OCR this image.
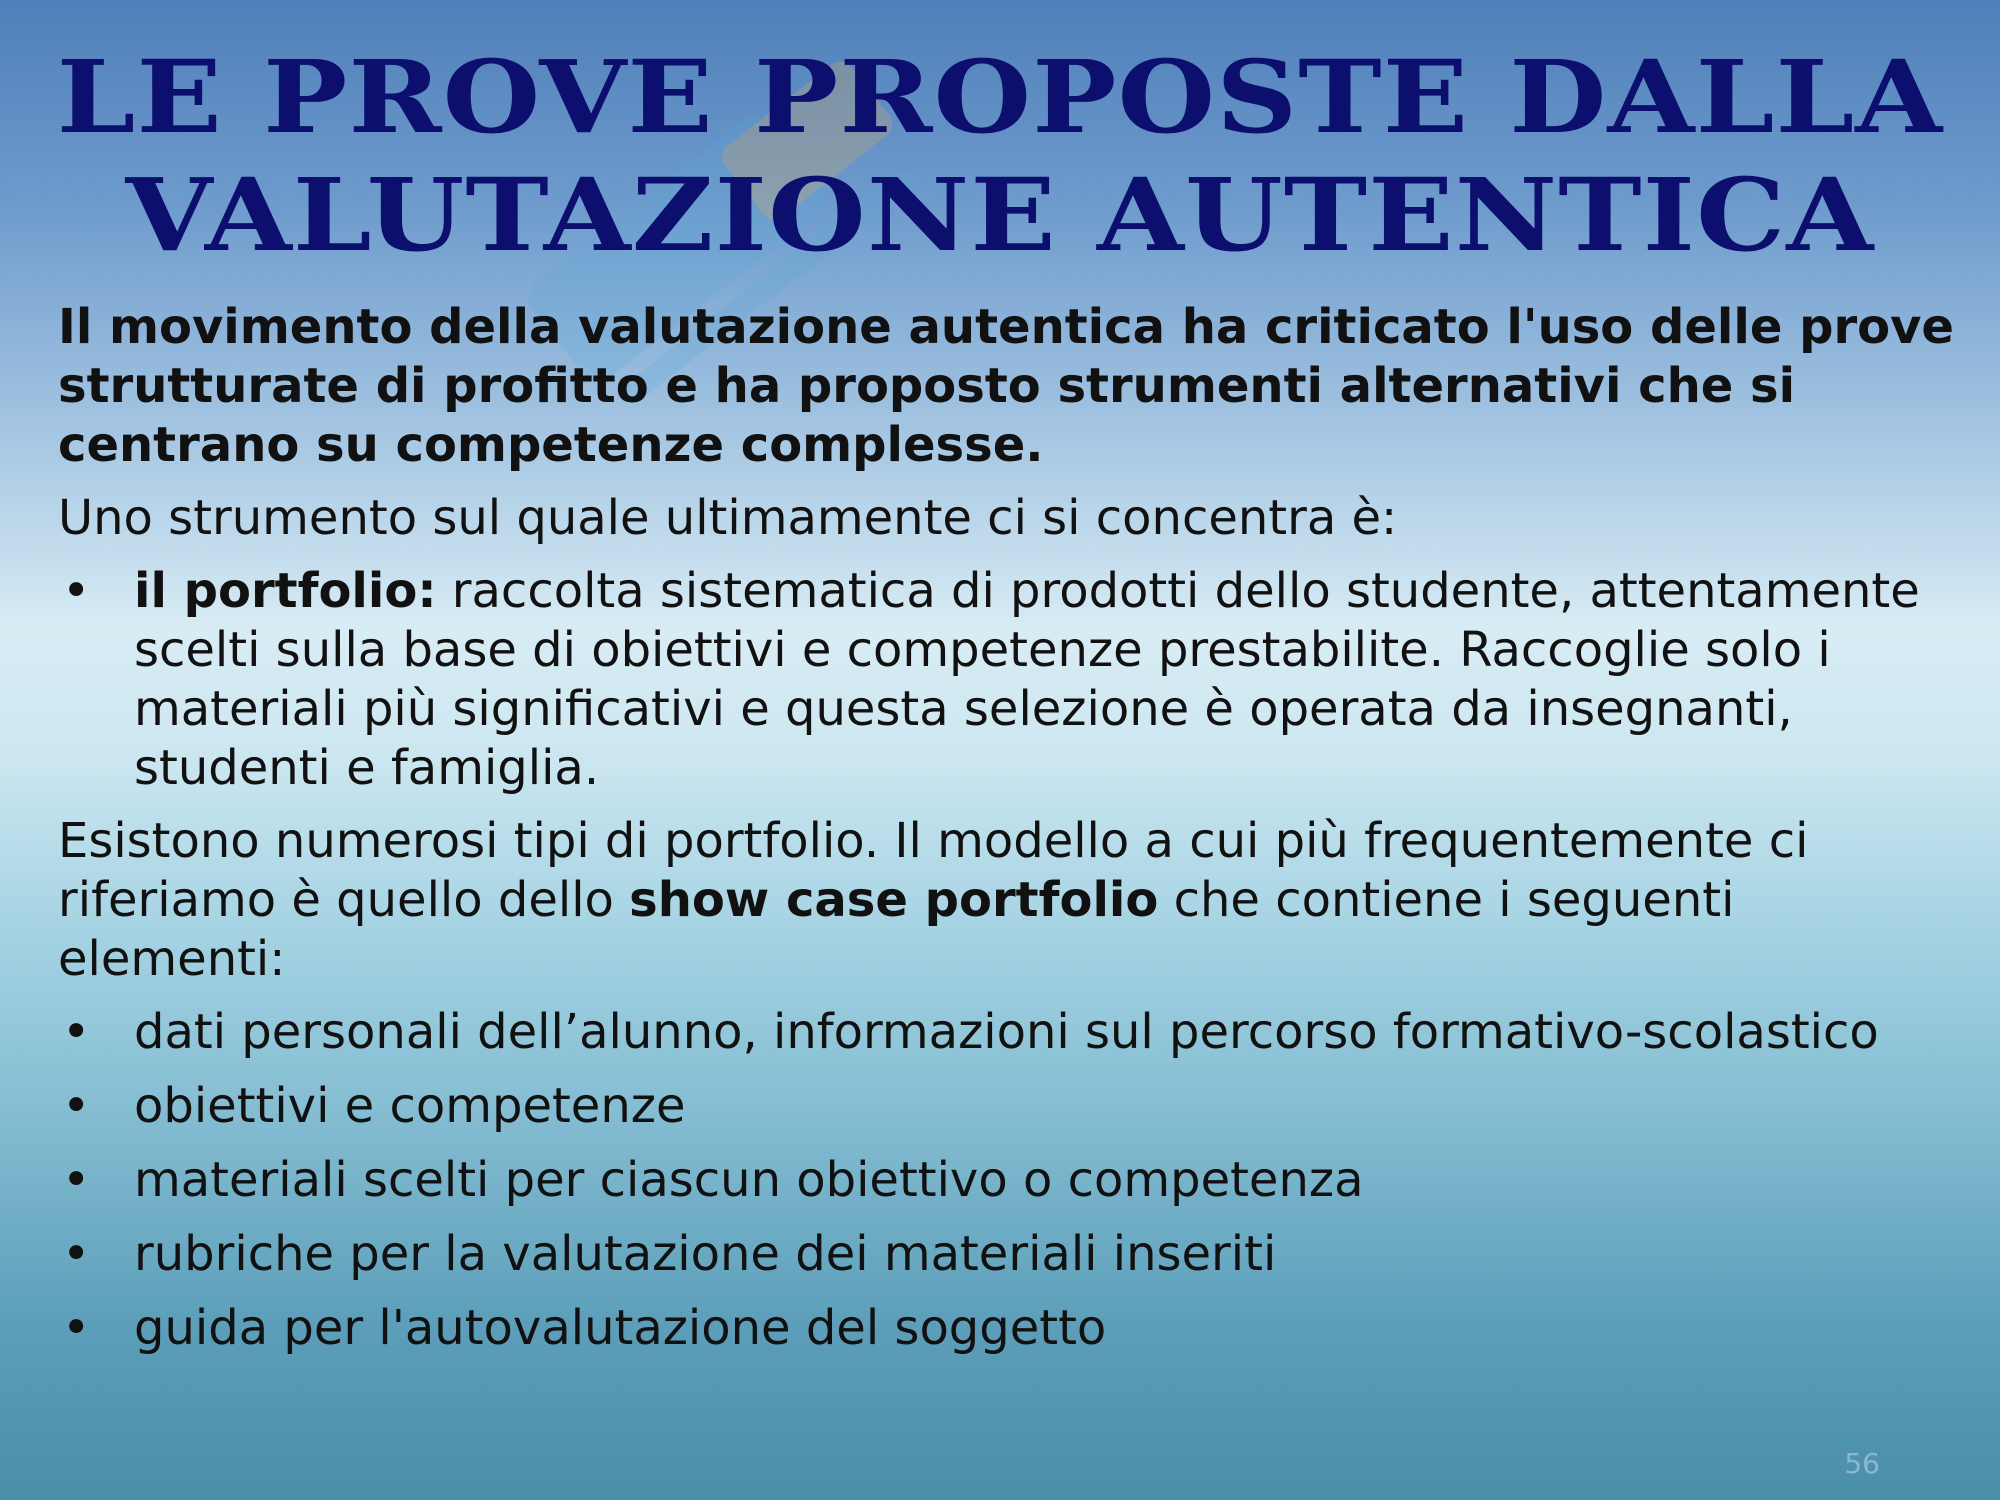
LE PROVE PROPOSTE DALLA
VALUTAZIONE AUTENTICA

Il movimento della valutazione autentica ha criticato l'uso delle prove strutturate di profitto e ha proposto strumenti alternativi che si centrano su competenze complesse.

Uno strumento sul quale ultimamente ci si concentra è:

• il portfolio: raccolta sistematica di prodotti dello studente, attentamente scelti sulla base di obiettivi e competenze prestabilite. Raccoglie solo i materiali più significativi e questa selezione è operata da insegnanti, studenti e famiglia.

Esistono numerosi tipi di portfolio. Il modello a cui più frequentemente ci riferiamo è quello dello show case portfolio che contiene i seguenti elementi:

• dati personali dell’alunno, informazioni sul percorso formativo-scolastico
• obiettivi e competenze
• materiali scelti per ciascun obiettivo o competenza
• rubriche per la valutazione dei materiali inseriti
• guida per l'autovalutazione del soggetto
56
